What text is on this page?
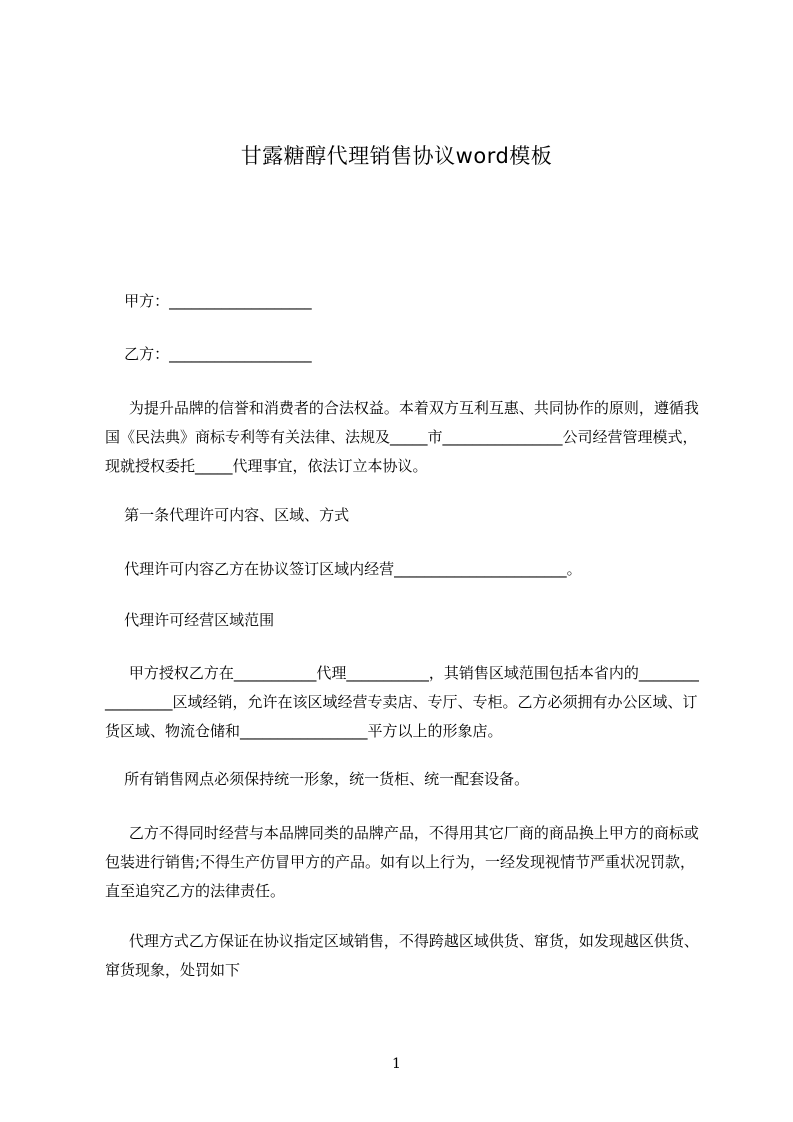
甘露糖醇代理销售协议word模板
甲方：___________________
乙方：___________________
为提升品牌的信誉和消费者的合法权益。本着双方互利互惠、共同协作的原则，遵循我国《民法典》商标专利等有关法律、法规及_____市________________公司经营管理模式，现就授权委托_____代理事宜，依法订立本协议。
第一条代理许可内容、区域、方式
代理许可内容乙方在协议签订区域内经营_______________________。
代理许可经营区域范围
甲方授权乙方在___________代理___________，其销售区域范围包括本省内的_________________区域经销，允许在该区域经营专卖店、专厅、专柜。乙方必须拥有办公区域、订货区域、物流仓储和_________________平方以上的形象店。
所有销售网点必须保持统一形象，统一货柜、统一配套设备。
乙方不得同时经营与本品牌同类的品牌产品，不得用其它厂商的商品换上甲方的商标或包装进行销售;不得生产仿冒甲方的产品。如有以上行为，一经发现视情节严重状况罚款，直至追究乙方的法律责任。
代理方式乙方保证在协议指定区域销售，不得跨越区域供货、窜货，如发现越区供货、窜货现象，处罚如下
1
